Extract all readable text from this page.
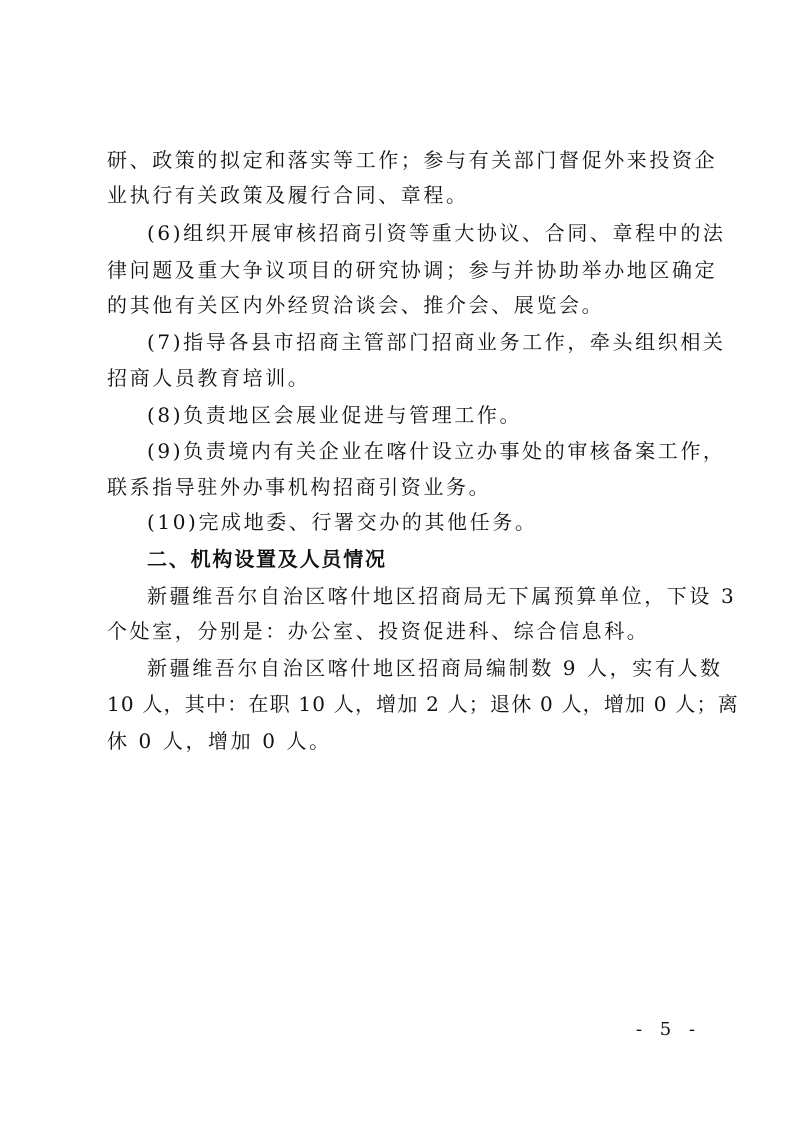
研、政策的拟定和落实等工作；参与有关部门督促外来投资企
业执行有关政策及履行合同、章程。
(6)组织开展审核招商引资等重大协议、合同、章程中的法
律问题及重大争议项目的研究协调；参与并协助举办地区确定
的其他有关区内外经贸洽谈会、推介会、展览会。
(7)指导各县市招商主管部门招商业务工作，牵头组织相关
招商人员教育培训。
(8)负责地区会展业促进与管理工作。
(9)负责境内有关企业在喀什设立办事处的审核备案工作，
联系指导驻外办事机构招商引资业务。
(10)完成地委、行署交办的其他任务。
二、机构设置及人员情况
新疆维吾尔自治区喀什地区招商局无下属预算单位，下设 3
个处室，分别是：办公室、投资促进科、综合信息科。
新疆维吾尔自治区喀什地区招商局编制数 9 人，实有人数
10 人，其中：在职 10 人，增加 2 人；退休 0 人，增加 0 人；离
休 0 人，增加 0 人。
- 5 -
